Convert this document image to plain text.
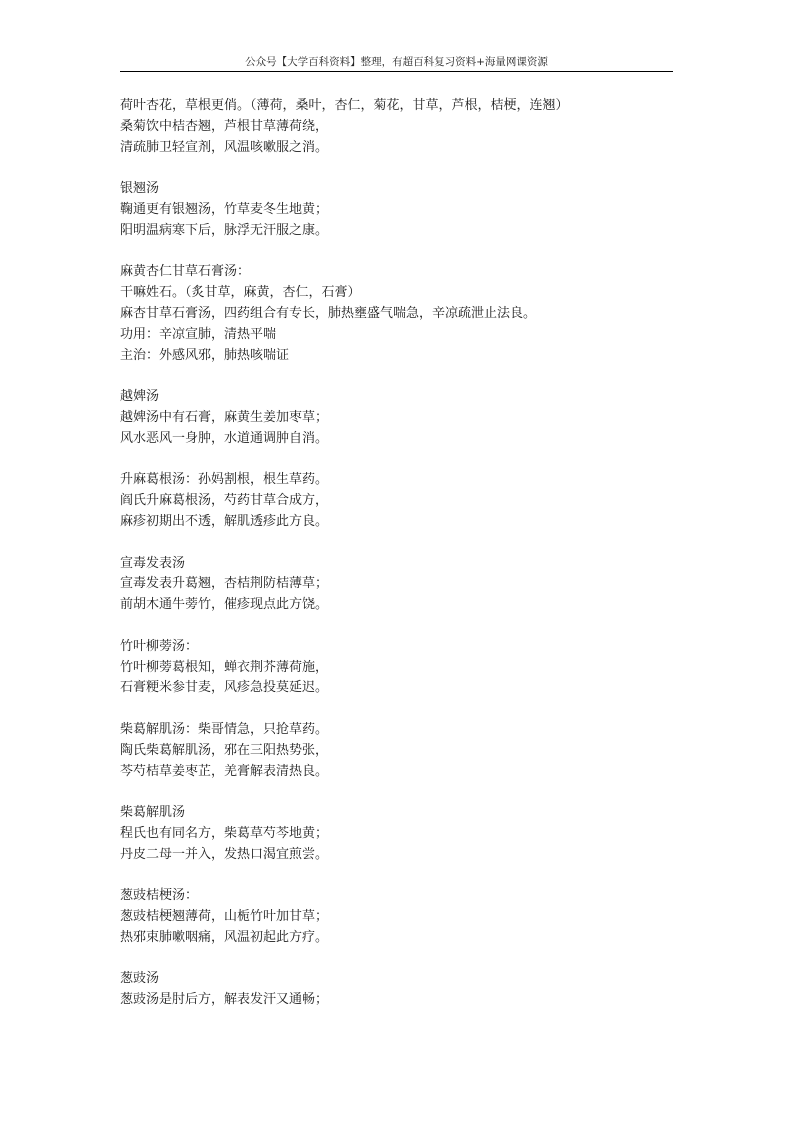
公众号【大学百科资料】整理，有超百科复习资料+海量网课资源
荷叶杏花，草根更俏。（薄荷，桑叶，杏仁，菊花，甘草，芦根，桔梗，连翘）
桑菊饮中桔杏翘，芦根甘草薄荷绕，
清疏肺卫轻宣剂，风温咳嗽服之消。
银翘汤
鞠通更有银翘汤，竹草麦冬生地黄；
阳明温病寒下后，脉浮无汗服之康。
麻黄杏仁甘草石膏汤：
干嘛姓石。（炙甘草，麻黄，杏仁，石膏）
麻杏甘草石膏汤，四药组合有专长，肺热壅盛气喘急，辛凉疏泄止法良。
功用：辛凉宣肺，清热平喘
主治：外感风邪，肺热咳喘证
越婢汤
越婢汤中有石膏，麻黄生姜加枣草；
风水恶风一身肿，水道通调肿自消。
升麻葛根汤：孙妈割根，根生草药。
阎氏升麻葛根汤，芍药甘草合成方，
麻疹初期出不透，解肌透疹此方良。
宣毒发表汤
宣毒发表升葛翘，杏桔荆防桔薄草；
前胡木通牛蒡竹，催疹现点此方饶。
竹叶柳蒡汤：
竹叶柳蒡葛根知，蝉衣荆芥薄荷施，
石膏粳米参甘麦，风疹急投莫延迟。
柴葛解肌汤：柴哥情急，只抢草药。
陶氏柴葛解肌汤，邪在三阳热势张，
芩芍桔草姜枣芷，羌膏解表清热良。
柴葛解肌汤
程氏也有同名方，柴葛草芍芩地黄；
丹皮二母一并入，发热口渴宜煎尝。
葱豉桔梗汤：
葱豉桔梗翘薄荷，山栀竹叶加甘草；
热邪束肺嗽咽痛，风温初起此方疗。
葱豉汤
葱豉汤是肘后方，解表发汗又通畅；
